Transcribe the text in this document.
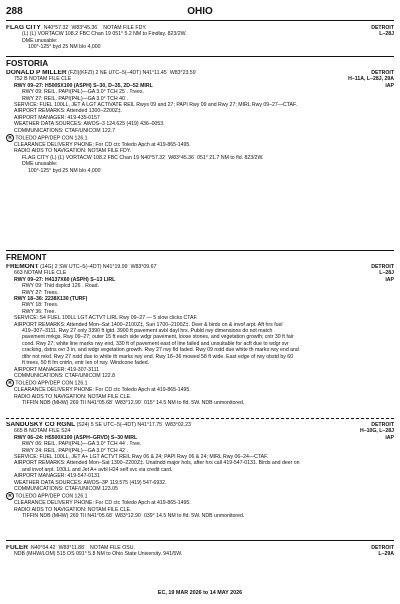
288	OHIO
DETROIT
L–28J
FLAG CITY N40°57.32´ W83°45.36´ NOTAM FILE FDY.
(L) (L) VORTACW 108.2 FBC Chan 19 051° 5.2 NM to Findlay. 823/2W.
DME unusable:
100°-125° byd 25 NM blo 4,000´
FOSTORIA
DETROIT
H–11A, L–28J, 29A
IAP
DONALD P MILLER (FZI)(KFZI) 2 NE UTC–5(–4DT) N41°11.45´ W83°23.59´
752 B NOTAM FILE CLE
RWY 09–27: H5005X100 (ASPH) S–30, D–35, 2D–52 MIRL
RWY 09: REIL. PAPI(P4L)—GA 3.0° TCH 25´. Trees.
RWY 27: REIL. PAPI(P4L)—GA 3.0° TCH 40´.
SERVICE: FUEL 100LL, JET A LGT ACTIVATE REIL Rwys 09 and 27; PAPI Rwy 09 and Rwy 27; MIRL Rwy 09–27—CTAF.
AIRPORT REMARKS: Attended 1300–2200Z‡.
AIRPORT MANAGER: 419-435-0157
WEATHER DATA SOURCES: AWOS–3 124.625 (419) 436–0053.
COMMUNICATIONS: CTAF/UNICOM 122.7
R TOLEDO APP/DEP CON 126.1
CLEARANCE DELIVERY PHONE: For CD ctc Toledo Apch at 419-865-1495.
RADIO AIDS TO NAVIGATION: NOTAM FILE FDY.
FLAG CITY (L) (L) VORTACW 108.2 FBC Chan 19 N40°57.32´ W83°45.36´ 051° 21.7 NM to fld. 823/2W.
DME unusable:
100°-125° byd 25 NM blo 4,000´
FREMONT
DETROIT
L–28J
IAP
FREMONT (14G) 2 SW UTC–5(–4DT) N41°19.99´ W83°09.67´
663 NOTAM FILE CLE
RWY 09–27: H4137X60 (ASPH) S–13 LIRL
RWY 09: Thid dsplcd 126´. Road.
RWY 27: Trees.
RWY 18–36: 2238X130 (TURF)
RWY 18: Trees.
RWY 36: Tree.
SERVICE: S4 FUEL 100LL LGT ACTVT LIRL Rwy 09–27 — 5 slow clicks CTAF.
AIRPORT REMARKS: Attended Mon–Sat 1400–2100Z‡, Sun 1700–2100Z‡. Deer & birds on & invof arpt. Aft hrs fuel
419–307–3111. Rwy 27 only 3390 ft lgtd. 3900 ft pavement avbl dayl hrs. Publd rwy dimensions do not match
pavement mrkgs. Rwy 09–27; outer 15 ft each side wdgr pavement, loose stones, and vegetation growth; cntr 30 ft fair
cond. Rwy 27; white line marks rwy end, 330 ft of pavement east of line failed and unsuitable for acft due to wdgr svr
cracking, dstns ovr 3 in, and wdgr vegetation growth. Rwy 27 rwy fld faded. Rwy 09 nstd due white th marks rwy end and
dthr not mkd. Rwy 27 nstd due to white th marks rwy end. Rwy 18–36 mowed 58 ft wide. East edge of rwy obstd by 60
ft trees, 50 ft fm cntrln, entr len of rwy. Windcone faded.
AIRPORT MANAGER: 419-307-3111
COMMUNICATIONS: CTAF/UNICOM 122.8
R TOLEDO APP/DEP CON 126.1
CLEARANCE DELIVERY PHONE: For CD ctc Toledo Apch at 419-865-1495.
RADIO AIDS TO NAVIGATION: NOTAM FILE CLE.
TIFFIN NDB (MHW) 269 TII N41°05.68´ W83°12.90´ 015° 14.5 NM to fld. 5W. NDB unmonitored.
DETROIT
H–10G, L–28J
IAP
SANDUSKY CO RGNL (S24) 5 SE UTC–5(–4DT) N41°17.75´ W83°02.23´
665 B NOTAM FILE S24
RWY 06–24: H5500X100 (ASPH–GRVD) S–30 MIRL
RWY 06: REIL. PAPI(P4L)—GA 3.0° TCH 44´. Tree.
RWY 24: REIL. PAPI(P4L)—GA 3.0° TCH 42´.
SERVICE: FUEL 100LL, JET A+ LGT ACTVT REIL Rwy 06 & 24; PAPI Rwy 06 & 24; MIRL Rwy 06–24—CTAF.
AIRPORT REMARKS: Attended Mon–Sat 1300–2200Z‡. Unatndd major hols, after hrs call 419-547-0131. Birds and deer on
and invof arpt. 100LL and Jet A+ avbl H24 self svc via credit card.
AIRPORT MANAGER: 419-547-0131
WEATHER DATA SOURCES: AWOS–3P 119.575 (419) 547-6932.
COMMUNICATIONS: CTAF/UNICOM 123.05
R TOLEDO APP/DEP CON 126.1
CLEARANCE DELIVERY PHONE: For CD ctc Toledo Apch at 419-865-1495.
RADIO AIDS TO NAVIGATION: NOTAM FILE CLE.
TIFFIN NDB (MHW) 269 TII N41°05.68´ W83°12.90´ 039° 14.5 NM to fld. 5W. NDB unmonitored.
DETROIT
L–29A
FULER N40°04.42´ W83°11.88´ NOTAM FILE OSU.
NDB (MHW/LOM) 515 OS 091° 5.8 NM to Ohio State University. 941/5W.
EC, 19 MAR 2026 to 14 MAY 2026
